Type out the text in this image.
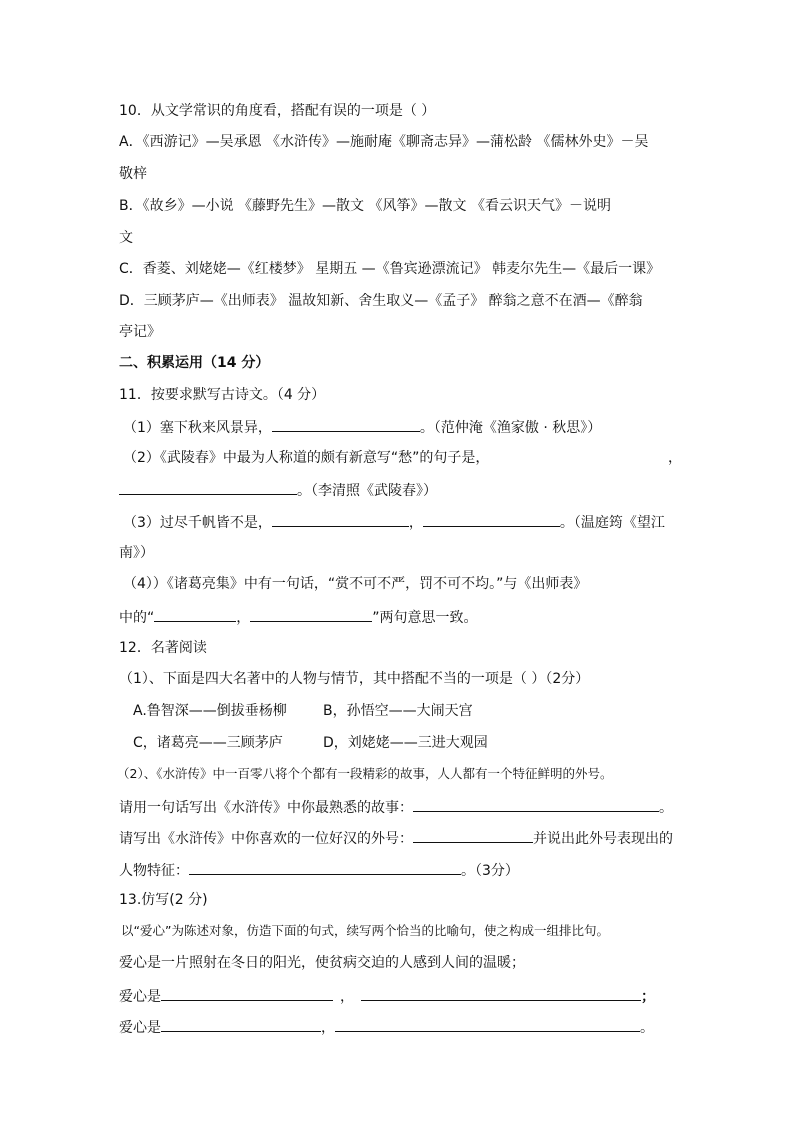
10．从文学常识的角度看，搭配有误的一项是（ ）
A．《西游记》—吴承恩 《水浒传》—施耐庵《聊斋志异》—蒲松龄 《儒林外史》－吴
敬梓
B．《故乡》—小说 《藤野先生》—散文 《风筝》—散文 《看云识天气》－说明
文
C．香菱、刘姥姥—《红楼梦》 星期五 —《鲁宾逊漂流记》 韩麦尔先生—《最后一课》
D．三顾茅庐—《出师表》 温故知新、舍生取义—《孟子》 醉翁之意不在酒—《醉翁
亭记》
二、积累运用（14 分）
11．按要求默写古诗文。（4 分）
（1）塞下秋来风景异，	。（范仲淹《渔家傲 · 秋思》）
（2）《武陵春》中最为人称道的颇有新意写“愁”的句子是，	，
。（李清照《武陵春》）
（3）过尽千帆皆不是，	，	。（温庭筠《望江
南》）
（4））《诸葛亮集》中有一句话，“赏不可不严，罚不可不均。”与《出师表》
中的“	，	”两句意思一致。
12．名著阅读
（1）、下面是四大名著中的人物与情节，其中搭配不当的一项是（ ）（2分）
A.鲁智深——倒拔垂杨柳	B，孙悟空——大闹天宫
C，诸葛亮——三顾茅庐	D，刘姥姥——三进大观园
（2）、《水浒传》中一百零八将个个都有一段精彩的故事，人人都有一个特征鲜明的外号。
请用一句话写出《水浒传》中你最熟悉的故事：	。
请写出《水浒传》中你喜欢的一位好汉的外号：	并说出此外号表现出的
人物特征：	。（3分）
13.仿写(2 分)
以“爱心”为陈述对象，仿造下面的句式，续写两个恰当的比喻句，使之构成一组排比句。
爱心是一片照射在冬日的阳光，使贫病交迫的人感到人间的温暖；
爱心是	，	；
爱心是	，	。
